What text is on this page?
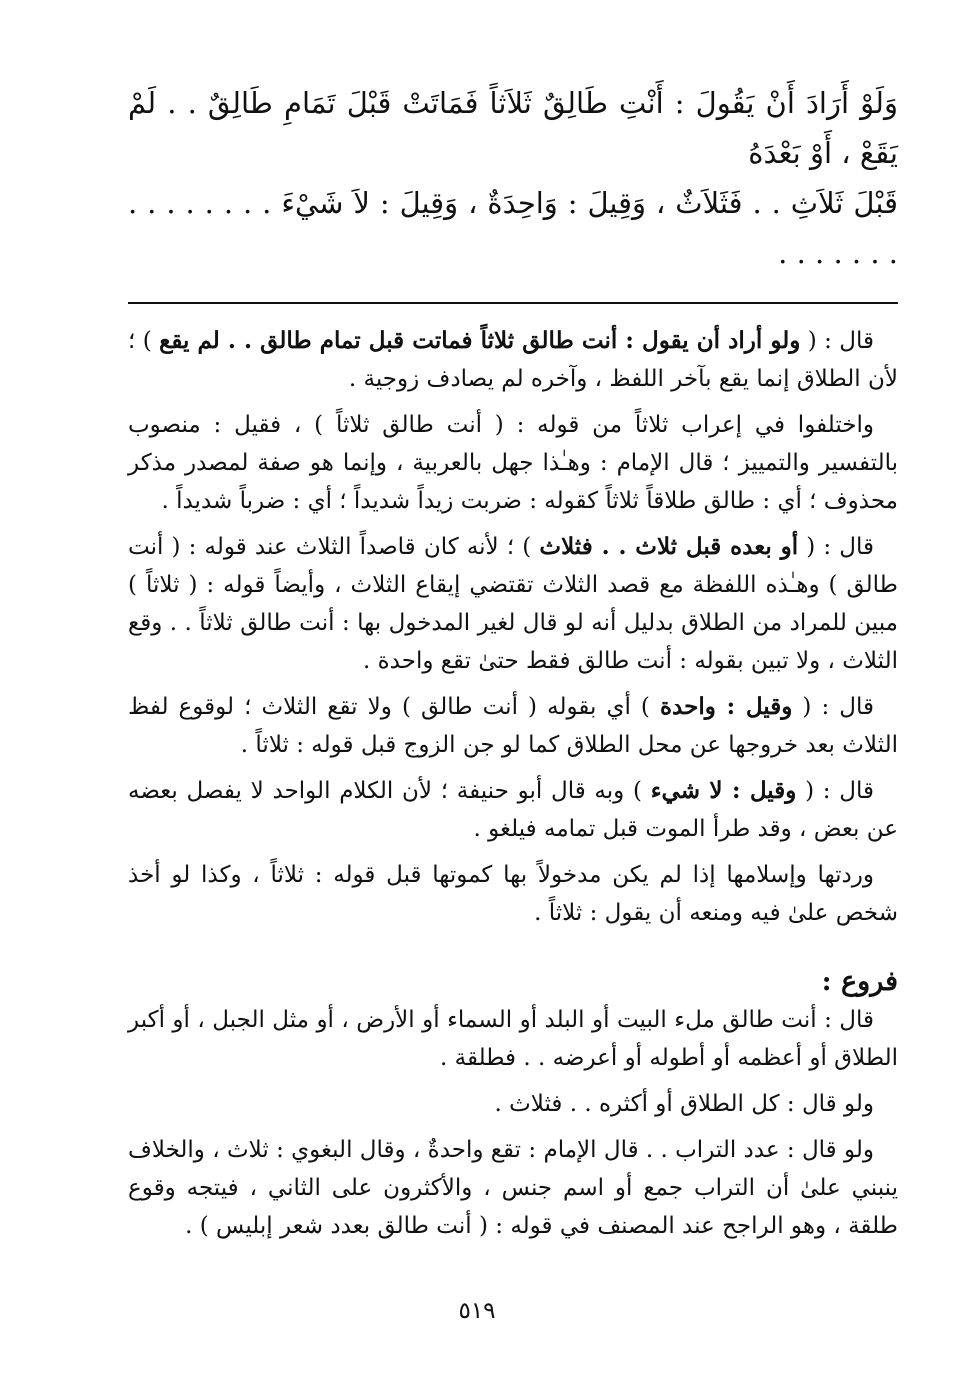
وَلَوْ أَرَادَ أَنْ يَقُولَ : أَنْتِ طَالِقٌ ثَلاَثاً فَمَاتَتْ قَبْلَ تَمَامِ طَالِقٌ . . لَمْ يَقَعْ ، أَوْ بَعْدَهُ

قَبْلَ ثَلاَثِ . . فَثَلاَثٌ ، وَقِيلَ : وَاحِدَةٌ ، وَقِيلَ : لاَ شَيْءَ . . . . . . . . . . . . . . .

قال : ( ولو أراد أن يقول : أنت طالق ثلاثاً فماتت قبل تمام طالق . . لم يقع ) ؛ لأن الطلاق إنما يقع بآخر اللفظ ، وآخره لم يصادف زوجية .

واختلفوا في إعراب ثلاثاً من قوله : ( أنت طالق ثلاثاً ) ، فقيل : منصوب بالتفسير والتمييز ؛ قال الإمام : وهـٰذا جهل بالعربية ، وإنما هو صفة لمصدر مذكر محذوف ؛ أي : طالق طلاقاً ثلاثاً كقوله : ضربت زيداً شديداً ؛ أي : ضرباً شديداً .

قال : ( أو بعده قبل ثلاث . . فثلاث ) ؛ لأنه كان قاصداً الثلاث عند قوله : ( أنت طالق ) وهـٰذه اللفظة مع قصد الثلاث تقتضي إيقاع الثلاث ، وأيضاً قوله : ( ثلاثاً ) مبين للمراد من الطلاق بدليل أنه لو قال لغير المدخول بها : أنت طالق ثلاثاً . . وقع الثلاث ، ولا تبين بقوله : أنت طالق فقط حتىٰ تقع واحدة .

قال : ( وقيل : واحدة ) أي بقوله ( أنت طالق ) ولا تقع الثلاث ؛ لوقوع لفظ الثلاث بعد خروجها عن محل الطلاق كما لو جن الزوج قبل قوله : ثلاثاً .

قال : ( وقيل : لا شيء ) وبه قال أبو حنيفة ؛ لأن الكلام الواحد لا يفصل بعضه عن بعض ، وقد طرأ الموت قبل تمامه فيلغو .

وردتها وإسلامها إذا لم يكن مدخولاً بها كموتها قبل قوله : ثلاثاً ، وكذا لو أخذ شخص علىٰ فيه ومنعه أن يقول : ثلاثاً .

فروع :

قال : أنت طالق ملء البيت أو البلد أو السماء أو الأرض ، أو مثل الجبل ، أو أكبر الطلاق أو أعظمه أو أطوله أو أعرضه . . فطلقة .

ولو قال : كل الطلاق أو أكثره . . فثلاث .

ولو قال : عدد التراب . . قال الإمام : تقع واحدةٌ ، وقال البغوي : ثلاث ، والخلاف ينبني علىٰ أن التراب جمع أو اسم جنس ، والأكثرون على الثاني ، فيتجه وقوع طلقة ، وهو الراجح عند المصنف في قوله : ( أنت طالق بعدد شعر إبليس ) .

٥١٩
